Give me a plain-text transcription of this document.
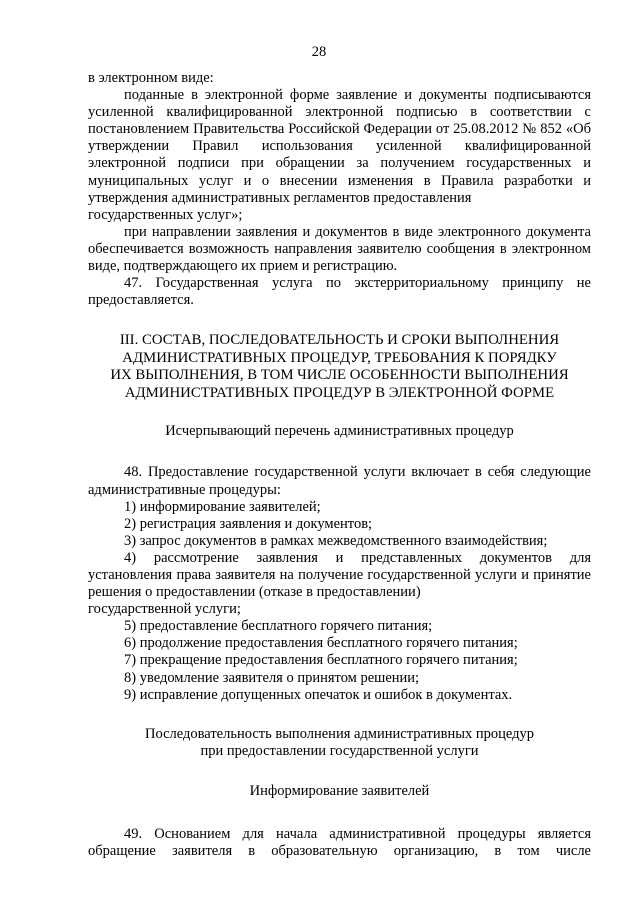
28

в электронном виде:

поданные в электронной форме заявление и документы подписываются усиленной квалифицированной электронной подписью в соответствии с постановлением Правительства Российской Федерации от 25.08.2012 № 852 «Об утверждении Правил использования усиленной квалифицированной электронной подписи при обращении за получением государственных и муниципальных услуг и о внесении изменения в Правила разработки и утверждения административных регламентов предоставления

государственных услуг»;

при направлении заявления и документов в виде электронного документа обеспечивается возможность направления заявителю сообщения в электронном виде, подтверждающего их прием и регистрацию.

47. Государственная услуга по экстерриториальному принципу не предоставляется.

III. СОСТАВ, ПОСЛЕДОВАТЕЛЬНОСТЬ И СРОКИ ВЫПОЛНЕНИЯ
АДМИНИСТРАТИВНЫХ ПРОЦЕДУР, ТРЕБОВАНИЯ К ПОРЯДКУ
ИХ ВЫПОЛНЕНИЯ, В ТОМ ЧИСЛЕ ОСОБЕННОСТИ ВЫПОЛНЕНИЯ
АДМИНИСТРАТИВНЫХ ПРОЦЕДУР В ЭЛЕКТРОННОЙ ФОРМЕ

Исчерпывающий перечень административных процедур

48. Предоставление государственной услуги включает в себя следующие административные процедуры:

1) информирование заявителей;

2) регистрация заявления и документов;

3) запрос документов в рамках межведомственного взаимодействия;

4) рассмотрение заявления и представленных документов для установления права заявителя на получение государственной услуги и принятие решения о предоставлении (отказе в предоставлении)

государственной услуги;

5) предоставление бесплатного горячего питания;

6) продолжение предоставления бесплатного горячего питания;

7) прекращение предоставления бесплатного горячего питания;

8) уведомление заявителя о принятом решении;

9) исправление допущенных опечаток и ошибок в документах.

Последовательность выполнения административных процедур
при предоставлении государственной услуги

Информирование заявителей

49. Основанием для начала административной процедуры является обращение заявителя в образовательную организацию, в том числе
